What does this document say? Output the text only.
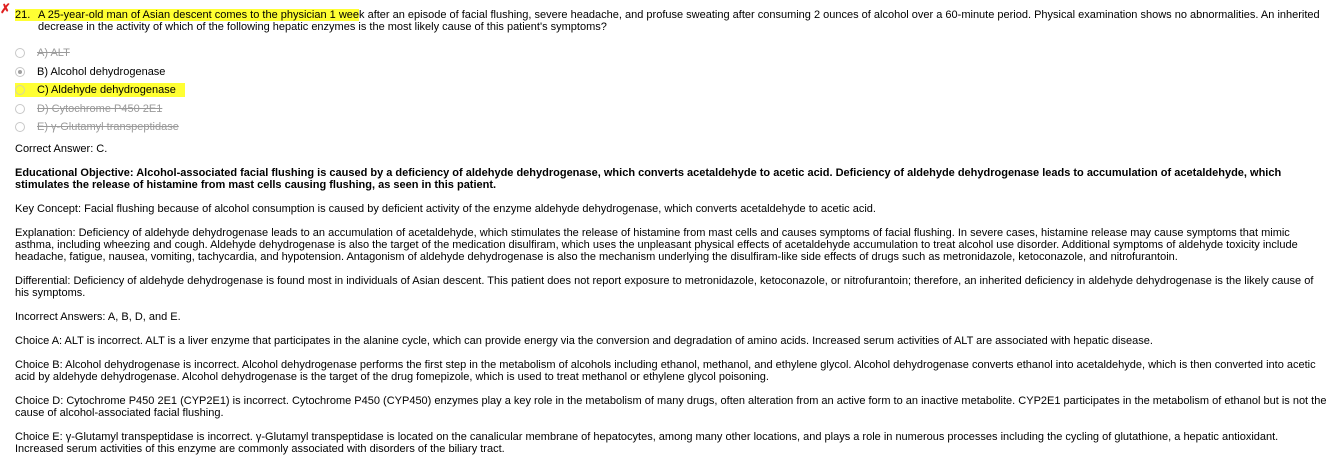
✗ 21. A 25-year-old man of Asian descent comes to the physician 1 week after an episode of facial flushing, severe headache, and profuse sweating after consuming 2 ounces of alcohol over a 60-minute period. Physical examination shows no abnormalities. An inherited decrease in the activity of which of the following hepatic enzymes is the most likely cause of this patient's symptoms?
A) ALT
B) Alcohol dehydrogenase
C) Aldehyde dehydrogenase
D) Cytochrome P450 2E1
E) γ-Glutamyl transpeptidase

Correct Answer: C.

Educational Objective: Alcohol-associated facial flushing is caused by a deficiency of aldehyde dehydrogenase, which converts acetaldehyde to acetic acid. Deficiency of aldehyde dehydrogenase leads to accumulation of acetaldehyde, which stimulates the release of histamine from mast cells causing flushing, as seen in this patient.

Key Concept: Facial flushing because of alcohol consumption is caused by deficient activity of the enzyme aldehyde dehydrogenase, which converts acetaldehyde to acetic acid.

Explanation: Deficiency of aldehyde dehydrogenase leads to an accumulation of acetaldehyde, which stimulates the release of histamine from mast cells and causes symptoms of facial flushing. In severe cases, histamine release may cause symptoms that mimic asthma, including wheezing and cough. Aldehyde dehydrogenase is also the target of the medication disulfiram, which uses the unpleasant physical effects of acetaldehyde accumulation to treat alcohol use disorder. Additional symptoms of aldehyde toxicity include headache, fatigue, nausea, vomiting, tachycardia, and hypotension. Antagonism of aldehyde dehydrogenase is also the mechanism underlying the disulfiram-like side effects of drugs such as metronidazole, ketoconazole, and nitrofurantoin.

Differential: Deficiency of aldehyde dehydrogenase is found most in individuals of Asian descent. This patient does not report exposure to metronidazole, ketoconazole, or nitrofurantoin; therefore, an inherited deficiency in aldehyde dehydrogenase is the likely cause of his symptoms.

Incorrect Answers: A, B, D, and E.

Choice A: ALT is incorrect. ALT is a liver enzyme that participates in the alanine cycle, which can provide energy via the conversion and degradation of amino acids. Increased serum activities of ALT are associated with hepatic disease.

Choice B: Alcohol dehydrogenase is incorrect. Alcohol dehydrogenase performs the first step in the metabolism of alcohols including ethanol, methanol, and ethylene glycol. Alcohol dehydrogenase converts ethanol into acetaldehyde, which is then converted into acetic acid by aldehyde dehydrogenase. Alcohol dehydrogenase is the target of the drug fomepizole, which is used to treat methanol or ethylene glycol poisoning.

Choice D: Cytochrome P450 2E1 (CYP2E1) is incorrect. Cytochrome P450 (CYP450) enzymes play a key role in the metabolism of many drugs, often alteration from an active form to an inactive metabolite. CYP2E1 participates in the metabolism of ethanol but is not the cause of alcohol-associated facial flushing.

Choice E: γ-Glutamyl transpeptidase is incorrect. γ-Glutamyl transpeptidase is located on the canalicular membrane of hepatocytes, among many other locations, and plays a role in numerous processes including the cycling of glutathione, a hepatic antioxidant. Increased serum activities of this enzyme are commonly associated with disorders of the biliary tract.
